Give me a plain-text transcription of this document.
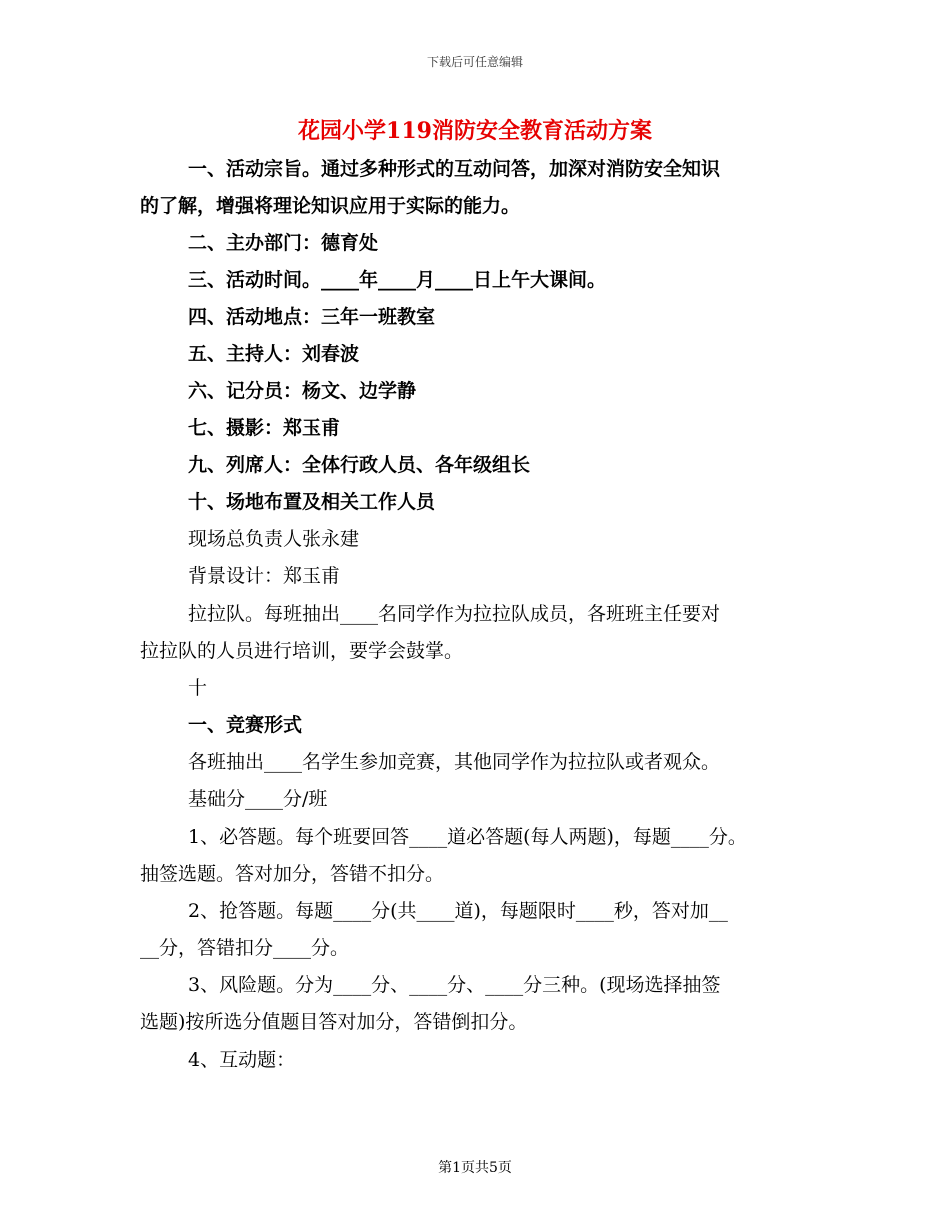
下载后可任意编辑
花园小学119消防安全教育活动方案
一、活动宗旨。通过多种形式的互动问答，加深对消防安全知识
的了解，增强将理论知识应用于实际的能力。
二、主办部门：德育处
三、活动时间。____年____月____日上午大课间。
四、活动地点：三年一班教室
五、主持人：刘春波
六、记分员：杨文、边学静
七、摄影：郑玉甫
九、列席人：全体行政人员、各年级组长
十、场地布置及相关工作人员
现场总负责人张永建
背景设计：郑玉甫
拉拉队。每班抽出____名同学作为拉拉队成员，各班班主任要对
拉拉队的人员进行培训，要学会鼓掌。
十
一、竞赛形式
各班抽出____名学生参加竞赛，其他同学作为拉拉队或者观众。
基础分____分/班
1、必答题。每个班要回答____道必答题(每人两题)，每题____分。
抽签选题。答对加分，答错不扣分。
2、抢答题。每题____分(共____道)，每题限时____秒，答对加__
__分，答错扣分____分。
3、风险题。分为____分、____分、____分三种。(现场选择抽签
选题)按所选分值题目答对加分，答错倒扣分。
4、互动题：
第1页共5页
